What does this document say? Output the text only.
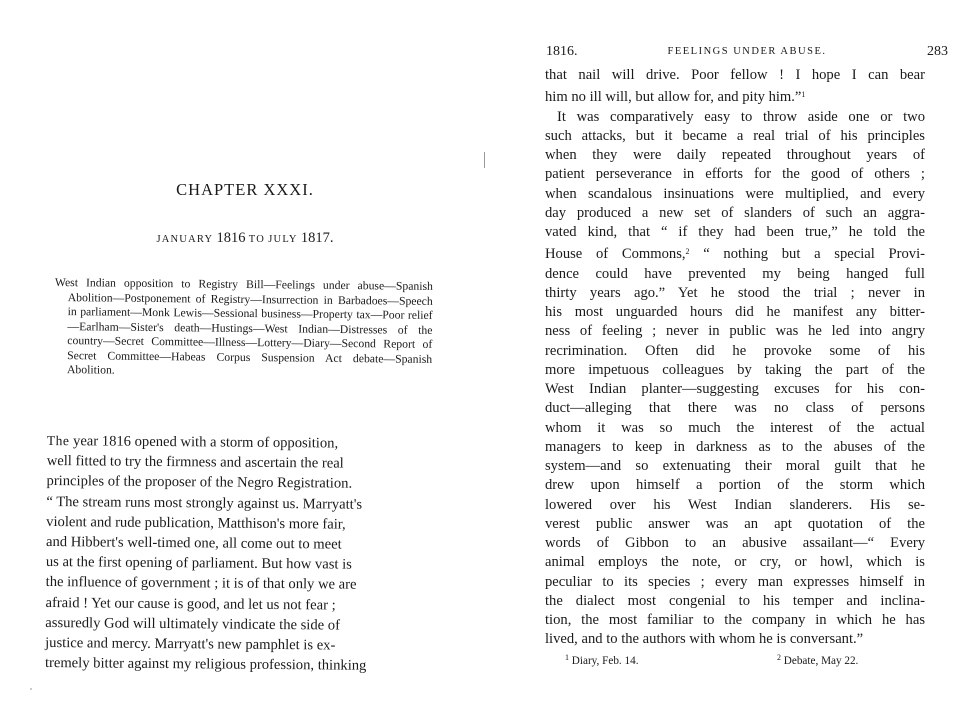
CHAPTER XXXI.
JANUARY 1816 TO JULY 1817.

West Indian opposition to Registry Bill—Feelings under abuse—Spanish Abolition—Postponement of Registry—Insurrection in Barbadoes—Speech in parliament—Monk Lewis—Sessional business—Property tax—Poor relief—Earlham—Sister's death—Hustings—West Indian—Distresses of the country—Secret Committee—Illness—Lottery—Diary—Second Report of Secret Committee—Habeas Corpus Suspension Act debate—Spanish Abolition.

The year 1816 opened with a storm of opposition,
well fitted to try the firmness and ascertain the real
principles of the proposer of the Negro Registration.
“ The stream runs most strongly against us. Marryatt's
violent and rude publication, Matthison's more fair,
and Hibbert's well-timed one, all come out to meet
us at the first opening of parliament. But how vast is
the influence of government ; it is of that only we are
afraid ! Yet our cause is good, and let us not fear ;
assuredly God will ultimately vindicate the side of
justice and mercy. Marryatt's new pamphlet is ex-
tremely bitter against my religious profession, thinking
1816.	FEELINGS UNDER ABUSE.	283
that nail will drive. Poor fellow ! I hope I can bear
him no ill will, but allow for, and pity him.”$^1$
It was comparatively easy to throw aside one or two
such attacks, but it became a real trial of his principles
when they were daily repeated throughout years of
patient perseverance in efforts for the good of others ;
when scandalous insinuations were multiplied, and every
day produced a new set of slanders of such an aggra-
vated kind, that “ if they had been true,” he told the
House of Commons,$^2$ “ nothing but a special Provi-
dence could have prevented my being hanged full
thirty years ago.” Yet he stood the trial ; never in
his most unguarded hours did he manifest any bitter-
ness of feeling ; never in public was he led into angry
recrimination. Often did he provoke some of his
more impetuous colleagues by taking the part of the
West Indian planter—suggesting excuses for his con-
duct—alleging that there was no class of persons
whom it was so much the interest of the actual
managers to keep in darkness as to the abuses of the
system—and so extenuating their moral guilt that he
drew upon himself a portion of the storm which
lowered over his West Indian slanderers. His se-
verest public answer was an apt quotation of the
words of Gibbon to an abusive assailant—“ Every
animal employs the note, or cry, or howl, which is
peculiar to its species ; every man expresses himself in
the dialect most congenial to his temper and inclina-
tion, the most familiar to the company in which he has
lived, and to the authors with whom he is conversant.”
$^1$ Diary, Feb. 14.	$^2$ Debate, May 22.
